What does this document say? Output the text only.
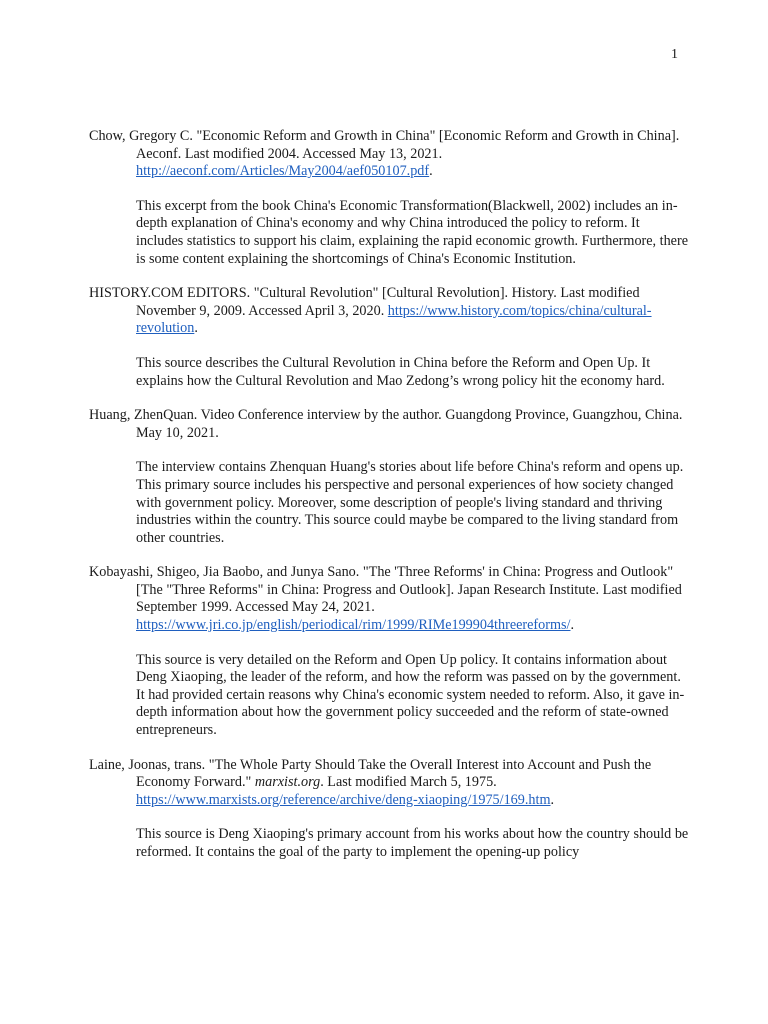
1

Chow, Gregory C. "Economic Reform and Growth in China" [Economic Reform and Growth in China]. Aeconf. Last modified 2004. Accessed May 13, 2021. http://aeconf.com/Articles/May2004/aef050107.pdf.

This excerpt from the book China's Economic Transformation(Blackwell, 2002) includes an in-depth explanation of China's economy and why China introduced the policy to reform. It includes statistics to support his claim, explaining the rapid economic growth. Furthermore, there is some content explaining the shortcomings of China's Economic Institution.

HISTORY.COM EDITORS. "Cultural Revolution" [Cultural Revolution]. History. Last modified November 9, 2009. Accessed April 3, 2020. https://www.history.com/topics/china/cultural-revolution.

This source describes the Cultural Revolution in China before the Reform and Open Up. It explains how the Cultural Revolution and Mao Zedong’s wrong policy hit the economy hard.

Huang, ZhenQuan. Video Conference interview by the author. Guangdong Province, Guangzhou, China. May 10, 2021.

The interview contains Zhenquan Huang's stories about life before China's reform and opens up. This primary source includes his perspective and personal experiences of how society changed with government policy. Moreover, some description of people's living standard and thriving industries within the country. This source could maybe be compared to the living standard from other countries.

Kobayashi, Shigeo, Jia Baobo, and Junya Sano. "The 'Three Reforms' in China: Progress and Outlook" [The "Three Reforms" in China: Progress and Outlook]. Japan Research Institute. Last modified September 1999. Accessed May 24, 2021. https://www.jri.co.jp/english/periodical/rim/1999/RIMe199904threereforms/.

This source is very detailed on the Reform and Open Up policy. It contains information about Deng Xiaoping, the leader of the reform, and how the reform was passed on by the government. It had provided certain reasons why China's economic system needed to reform. Also, it gave in-depth information about how the government policy succeeded and the reform of state-owned entrepreneurs.

Laine, Joonas, trans. "The Whole Party Should Take the Overall Interest into Account and Push the Economy Forward." marxist.org. Last modified March 5, 1975. https://www.marxists.org/reference/archive/deng-xiaoping/1975/169.htm.

This source is Deng Xiaoping's primary account from his works about how the country should be reformed. It contains the goal of the party to implement the opening-up policy
